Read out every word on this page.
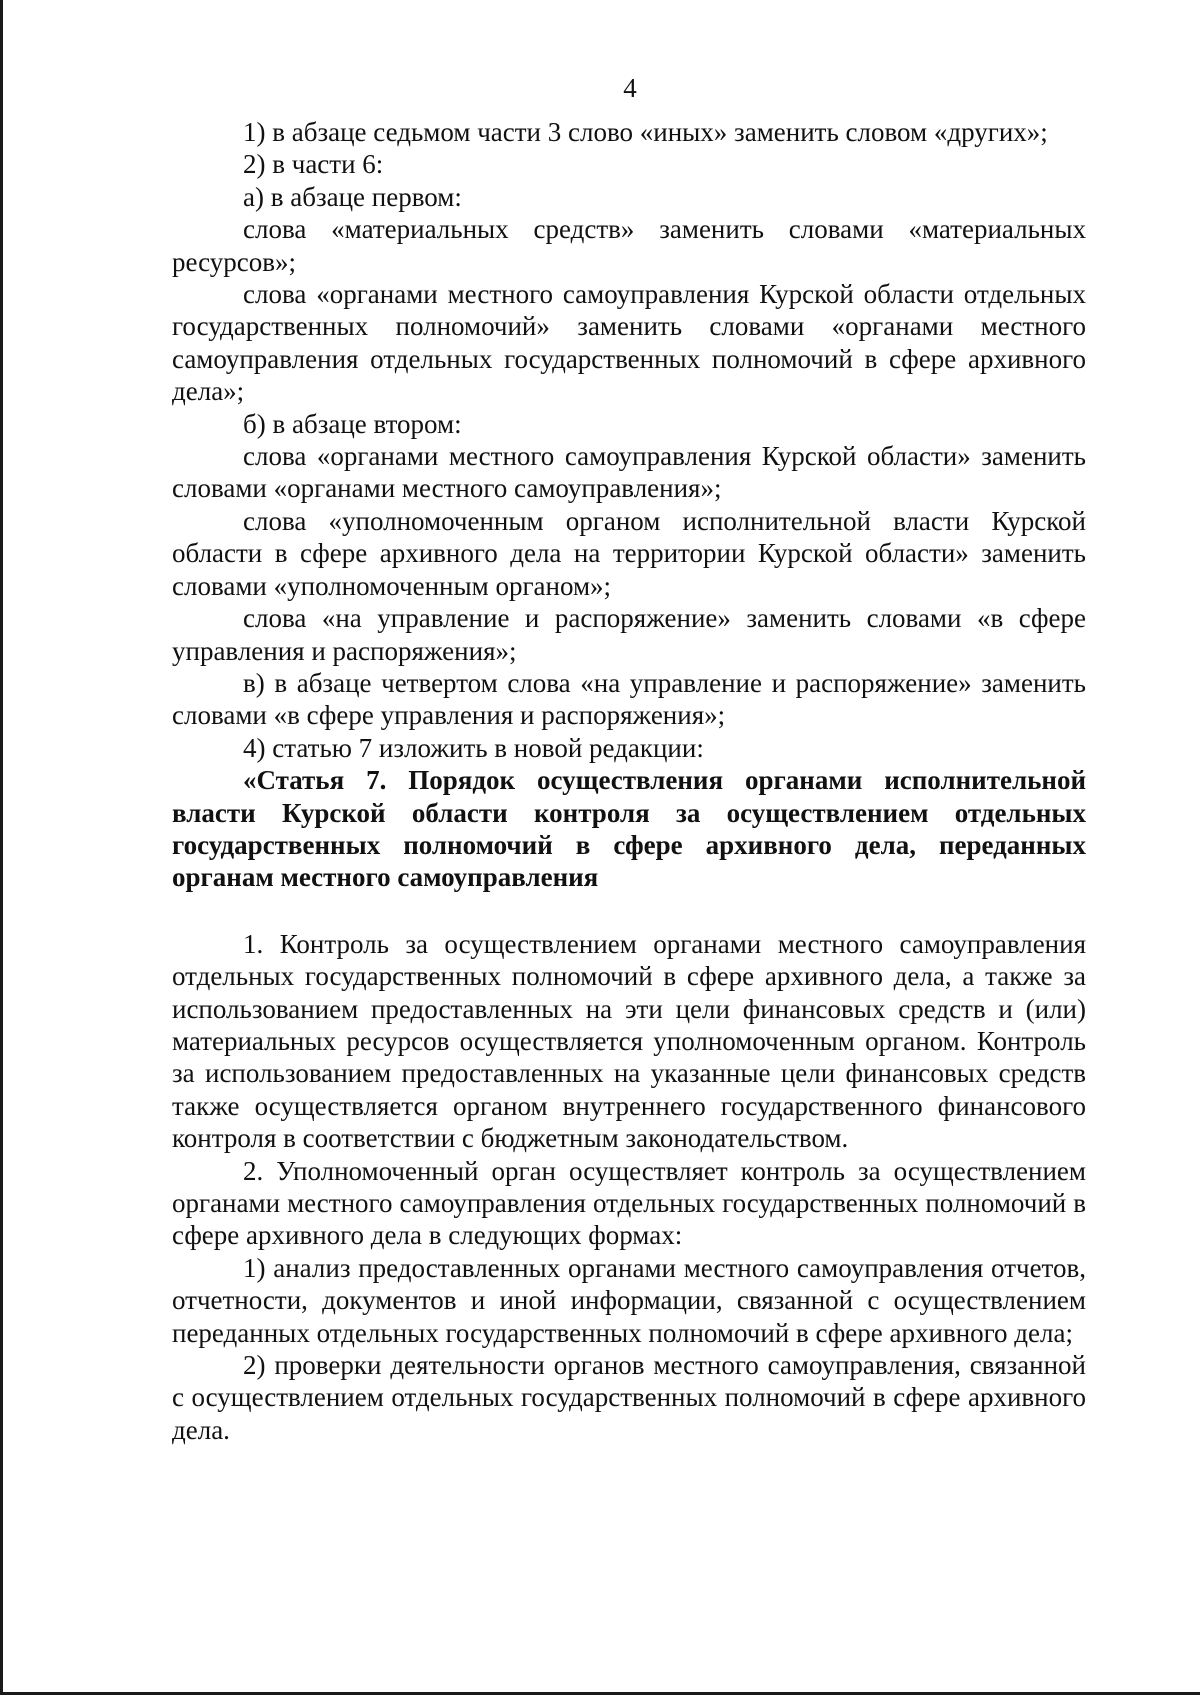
4

1) в абзаце седьмом части 3 слово «иных» заменить словом «других»;

2) в части 6:

а) в абзаце первом:

слова «материальных средств» заменить словами «материальных ресурсов»;

слова «органами местного самоуправления Курской области отдельных государственных полномочий» заменить словами «органами местного самоуправления отдельных государственных полномочий в сфере архивного дела»;

б) в абзаце втором:

слова «органами местного самоуправления Курской области» заменить словами «органами местного самоуправления»;

слова «уполномоченным органом исполнительной власти Курской области в сфере архивного дела на территории Курской области» заменить словами «уполномоченным органом»;

слова «на управление и распоряжение» заменить словами «в сфере управления и распоряжения»;

в) в абзаце четвертом слова «на управление и распоряжение» заменить словами «в сфере управления и распоряжения»;

4) статью 7 изложить в новой редакции:

«Статья 7. Порядок осуществления органами исполнительной власти Курской области контроля за осуществлением отдельных государственных полномочий в сфере архивного дела, переданных органам местного самоуправления

1. Контроль за осуществлением органами местного самоуправления отдельных государственных полномочий в сфере архивного дела, а также за использованием предоставленных на эти цели финансовых средств и (или) материальных ресурсов осуществляется уполномоченным органом. Контроль за использованием предоставленных на указанные цели финансовых средств также осуществляется органом внутреннего государственного финансового контроля в соответствии с бюджетным законодательством.

2. Уполномоченный орган осуществляет контроль за осуществлением органами местного самоуправления отдельных государственных полномочий в сфере архивного дела в следующих формах:

1) анализ предоставленных органами местного самоуправления отчетов, отчетности, документов и иной информации, связанной с осуществлением переданных отдельных государственных полномочий в сфере архивного дела;

2) проверки деятельности органов местного самоуправления, связанной с осуществлением отдельных государственных полномочий в сфере архивного дела.
